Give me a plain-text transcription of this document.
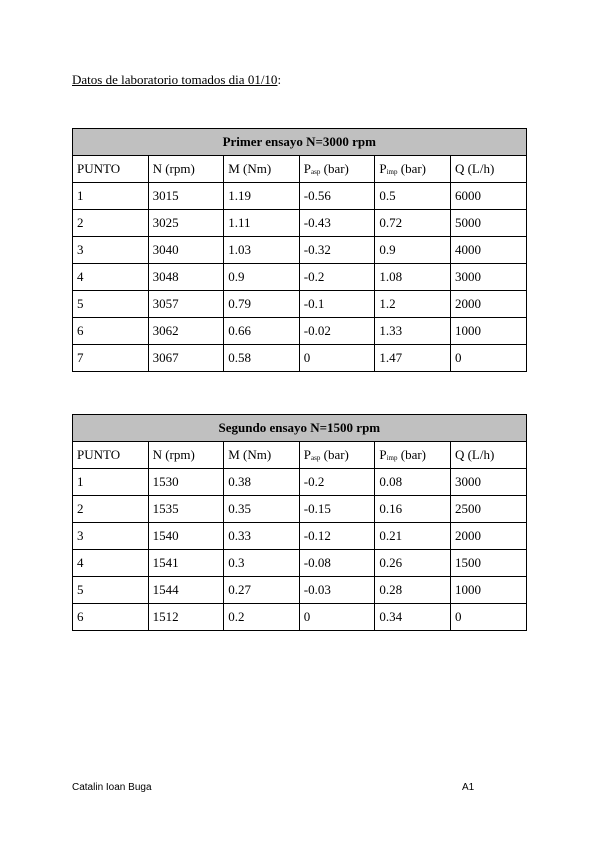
Datos de laboratorio tomados dia 01/10:
Primer ensayo N=3000 rpm					
PUNTO	N (rpm)	M (Nm)	$P_{asp}$ (bar)	$P_{imp}$ (bar)	Q (L/h)
1	3015	1.19	-0.56	0.5	6000
2	3025	1.11	-0.43	0.72	5000
3	3040	1.03	-0.32	0.9	4000
4	3048	0.9	-0.2	1.08	3000
5	3057	0.79	-0.1	1.2	2000
6	3062	0.66	-0.02	1.33	1000
7	3067	0.58	0	1.47	0
Segundo ensayo N=1500 rpm					
PUNTO	N (rpm)	M (Nm)	$P_{asp}$ (bar)	$P_{imp}$ (bar)	Q (L/h)
1	1530	0.38	-0.2	0.08	3000
2	1535	0.35	-0.15	0.16	2500
3	1540	0.33	-0.12	0.21	2000
4	1541	0.3	-0.08	0.26	1500
5	1544	0.27	-0.03	0.28	1000
6	1512	0.2	0	0.34	0
Catalin Ioan Buga	A1
